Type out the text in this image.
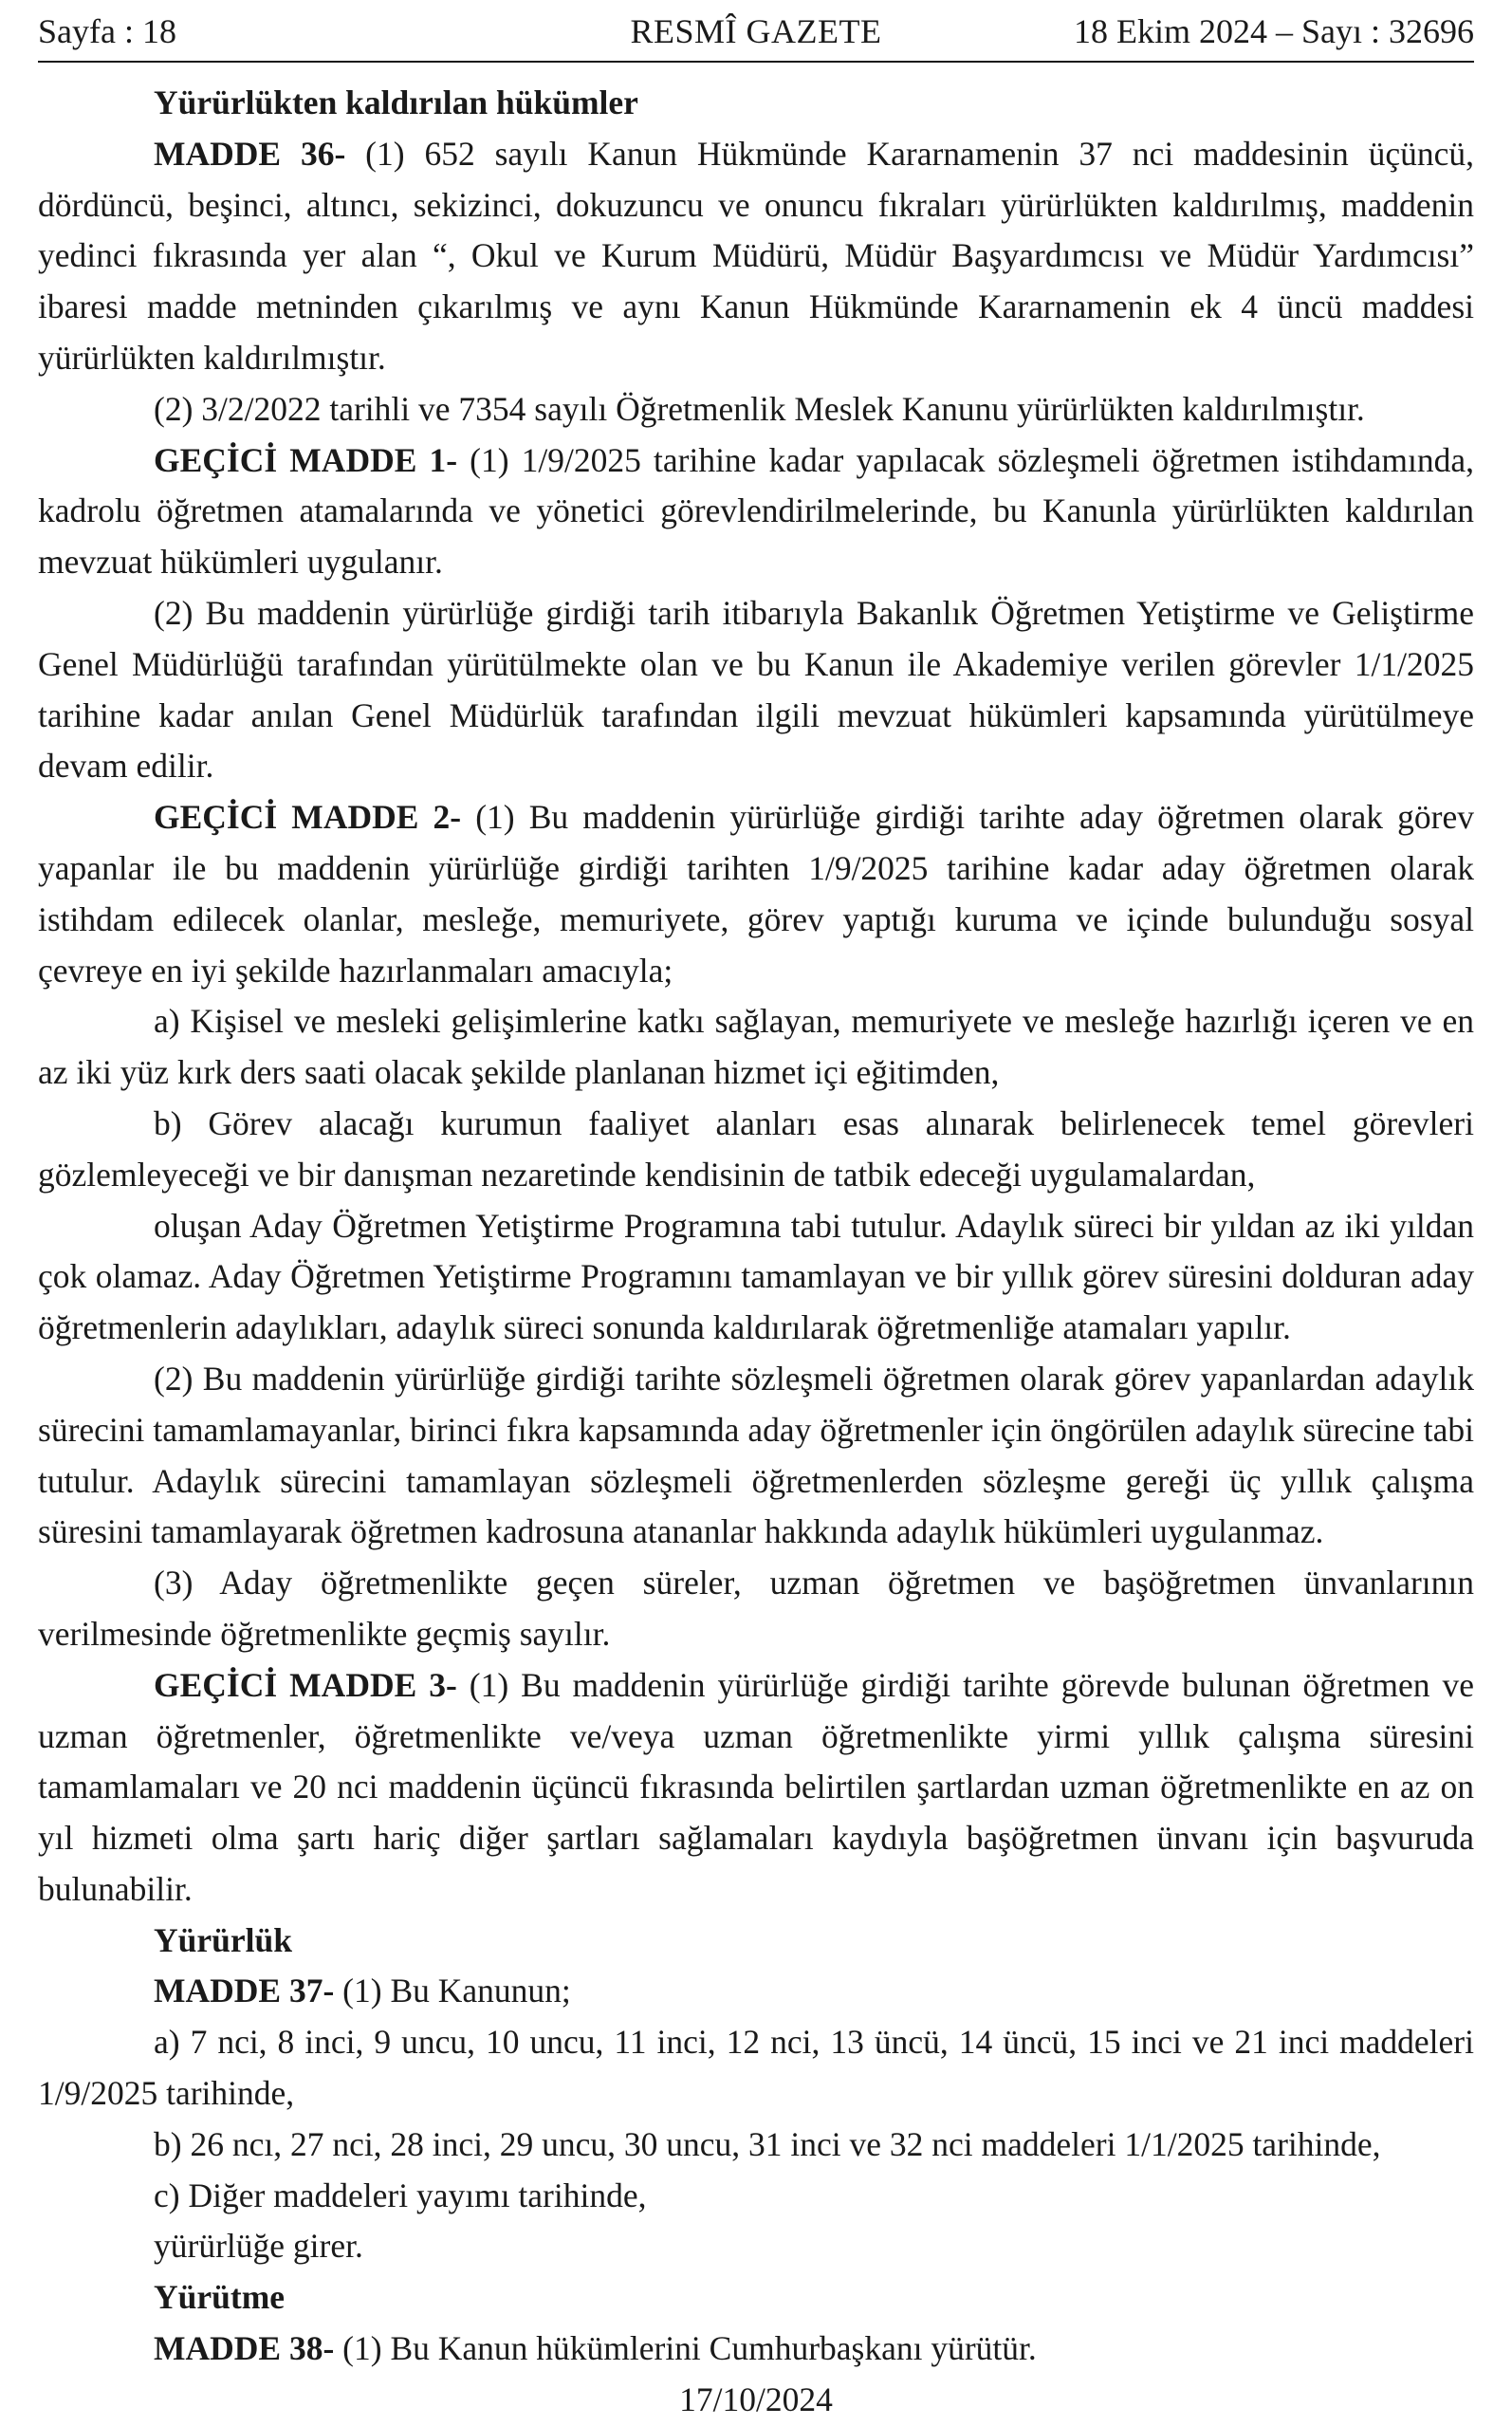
Sayfa : 18	RESMÎ GAZETE	18 Ekim 2024 – Sayı : 32696

Yürürlükten kaldırılan hükümler

MADDE 36- (1) 652 sayılı Kanun Hükmünde Kararnamenin 37 nci maddesinin üçüncü, dördüncü, beşinci, altıncı, sekizinci, dokuzuncu ve onuncu fıkraları yürürlükten kaldırılmış, maddenin yedinci fıkrasında yer alan “, Okul ve Kurum Müdürü, Müdür Başyardımcısı ve Müdür Yardımcısı” ibaresi madde metninden çıkarılmış ve aynı Kanun Hükmünde Kararnamenin ek 4 üncü maddesi yürürlükten kaldırılmıştır.

(2) 3/2/2022 tarihli ve 7354 sayılı Öğretmenlik Meslek Kanunu yürürlükten kaldırılmıştır.

GEÇİCİ MADDE 1- (1) 1/9/2025 tarihine kadar yapılacak sözleşmeli öğretmen istihdamında, kadrolu öğretmen atamalarında ve yönetici görevlendirilmelerinde, bu Kanunla yürürlükten kaldırılan mevzuat hükümleri uygulanır.

(2) Bu maddenin yürürlüğe girdiği tarih itibarıyla Bakanlık Öğretmen Yetiştirme ve Geliştirme Genel Müdürlüğü tarafından yürütülmekte olan ve bu Kanun ile Akademiye verilen görevler 1/1/2025 tarihine kadar anılan Genel Müdürlük tarafından ilgili mevzuat hükümleri kapsamında yürütülmeye devam edilir.

GEÇİCİ MADDE 2- (1) Bu maddenin yürürlüğe girdiği tarihte aday öğretmen olarak görev yapanlar ile bu maddenin yürürlüğe girdiği tarihten 1/9/2025 tarihine kadar aday öğretmen olarak istihdam edilecek olanlar, mesleğe, memuriyete, görev yaptığı kuruma ve içinde bulunduğu sosyal çevreye en iyi şekilde hazırlanmaları amacıyla;

a) Kişisel ve mesleki gelişimlerine katkı sağlayan, memuriyete ve mesleğe hazırlığı içeren ve en az iki yüz kırk ders saati olacak şekilde planlanan hizmet içi eğitimden,

b) Görev alacağı kurumun faaliyet alanları esas alınarak belirlenecek temel görevleri gözlemleyeceği ve bir danışman nezaretinde kendisinin de tatbik edeceği uygulamalardan,

oluşan Aday Öğretmen Yetiştirme Programına tabi tutulur. Adaylık süreci bir yıldan az iki yıldan çok olamaz. Aday Öğretmen Yetiştirme Programını tamamlayan ve bir yıllık görev süresini dolduran aday öğretmenlerin adaylıkları, adaylık süreci sonunda kaldırılarak öğretmenliğe atamaları yapılır.

(2) Bu maddenin yürürlüğe girdiği tarihte sözleşmeli öğretmen olarak görev yapanlardan adaylık sürecini tamamlamayanlar, birinci fıkra kapsamında aday öğretmenler için öngörülen adaylık sürecine tabi tutulur. Adaylık sürecini tamamlayan sözleşmeli öğretmenlerden sözleşme gereği üç yıllık çalışma süresini tamamlayarak öğretmen kadrosuna atananlar hakkında adaylık hükümleri uygulanmaz.

(3) Aday öğretmenlikte geçen süreler, uzman öğretmen ve başöğretmen ünvanlarının verilmesinde öğretmenlikte geçmiş sayılır.

GEÇİCİ MADDE 3- (1) Bu maddenin yürürlüğe girdiği tarihte görevde bulunan öğretmen ve uzman öğretmenler, öğretmenlikte ve/veya uzman öğretmenlikte yirmi yıllık çalışma süresini tamamlamaları ve 20 nci maddenin üçüncü fıkrasında belirtilen şartlardan uzman öğretmenlikte en az on yıl hizmeti olma şartı hariç diğer şartları sağlamaları kaydıyla başöğretmen ünvanı için başvuruda bulunabilir.

Yürürlük

MADDE 37- (1) Bu Kanunun;

a) 7 nci, 8 inci, 9 uncu, 10 uncu, 11 inci, 12 nci, 13 üncü, 14 üncü, 15 inci ve 21 inci maddeleri 1/9/2025 tarihinde,

b) 26 ncı, 27 nci, 28 inci, 29 uncu, 30 uncu, 31 inci ve 32 nci maddeleri 1/1/2025 tarihinde,

c) Diğer maddeleri yayımı tarihinde,

yürürlüğe girer.

Yürütme

MADDE 38- (1) Bu Kanun hükümlerini Cumhurbaşkanı yürütür.

17/10/2024
